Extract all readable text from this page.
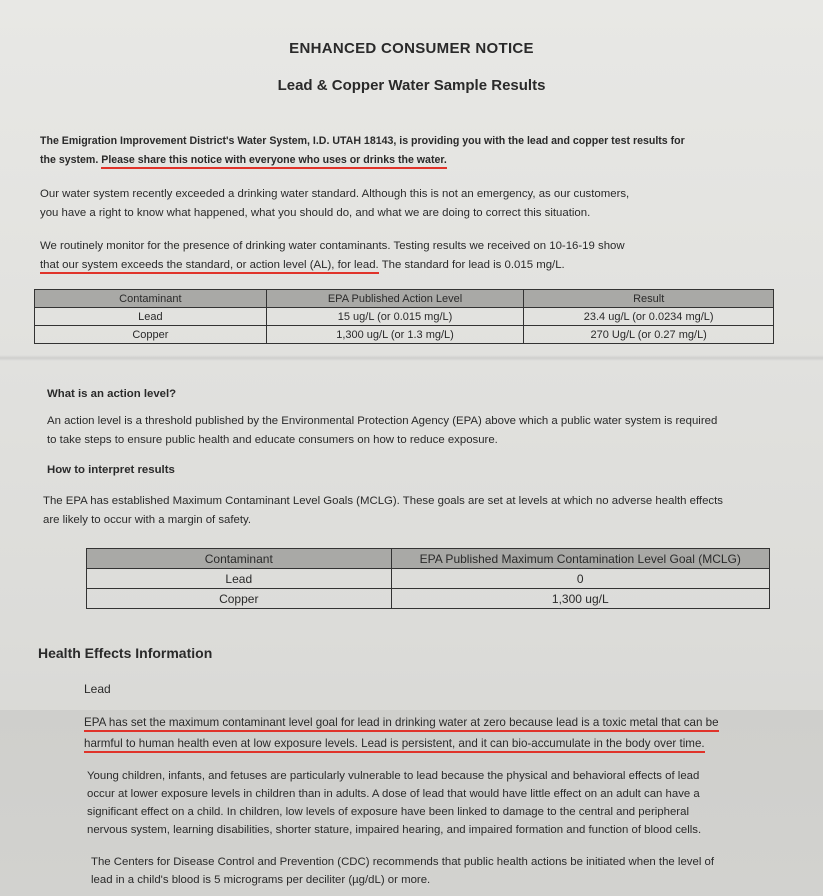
ENHANCED CONSUMER NOTICE
Lead & Copper Water Sample Results
The Emigration Improvement District's Water System, I.D. UTAH 18143, is providing you with the lead and copper test results for
the system. Please share this notice with everyone who uses or drinks the water.
Our water system recently exceeded a drinking water standard. Although this is not an emergency, as our customers,
you have a right to know what happened, what you should do, and what we are doing to correct this situation.
We routinely monitor for the presence of drinking water contaminants. Testing results we received on 10-16-19 show
that our system exceeds the standard, or action level (AL), for lead. The standard for lead is 0.015 mg/L.
Contaminant	EPA Published Action Level	Result
Lead	15 ug/L (or 0.015 mg/L)	23.4 ug/L (or 0.0234 mg/L)
Copper	1,300 ug/L (or 1.3 mg/L)	270 Ug/L (or 0.27 mg/L)
What is an action level?
An action level is a threshold published by the Environmental Protection Agency (EPA) above which a public water system is required
to take steps to ensure public health and educate consumers on how to reduce exposure.
How to interpret results
The EPA has established Maximum Contaminant Level Goals (MCLG). These goals are set at levels at which no adverse health effects
are likely to occur with a margin of safety.
Contaminant	EPA Published Maximum Contamination Level Goal (MCLG)
Lead	0
Copper	1,300 ug/L
Health Effects Information
Lead
EPA has set the maximum contaminant level goal for lead in drinking water at zero because lead is a toxic metal that can be
harmful to human health even at low exposure levels. Lead is persistent, and it can bio-accumulate in the body over time.
Young children, infants, and fetuses are particularly vulnerable to lead because the physical and behavioral effects of lead
occur at lower exposure levels in children than in adults. A dose of lead that would have little effect on an adult can have a
significant effect on a child. In children, low levels of exposure have been linked to damage to the central and peripheral
nervous system, learning disabilities, shorter stature, impaired hearing, and impaired formation and function of blood cells.
The Centers for Disease Control and Prevention (CDC) recommends that public health actions be initiated when the level of
lead in a child's blood is 5 micrograms per deciliter (µg/dL) or more.
